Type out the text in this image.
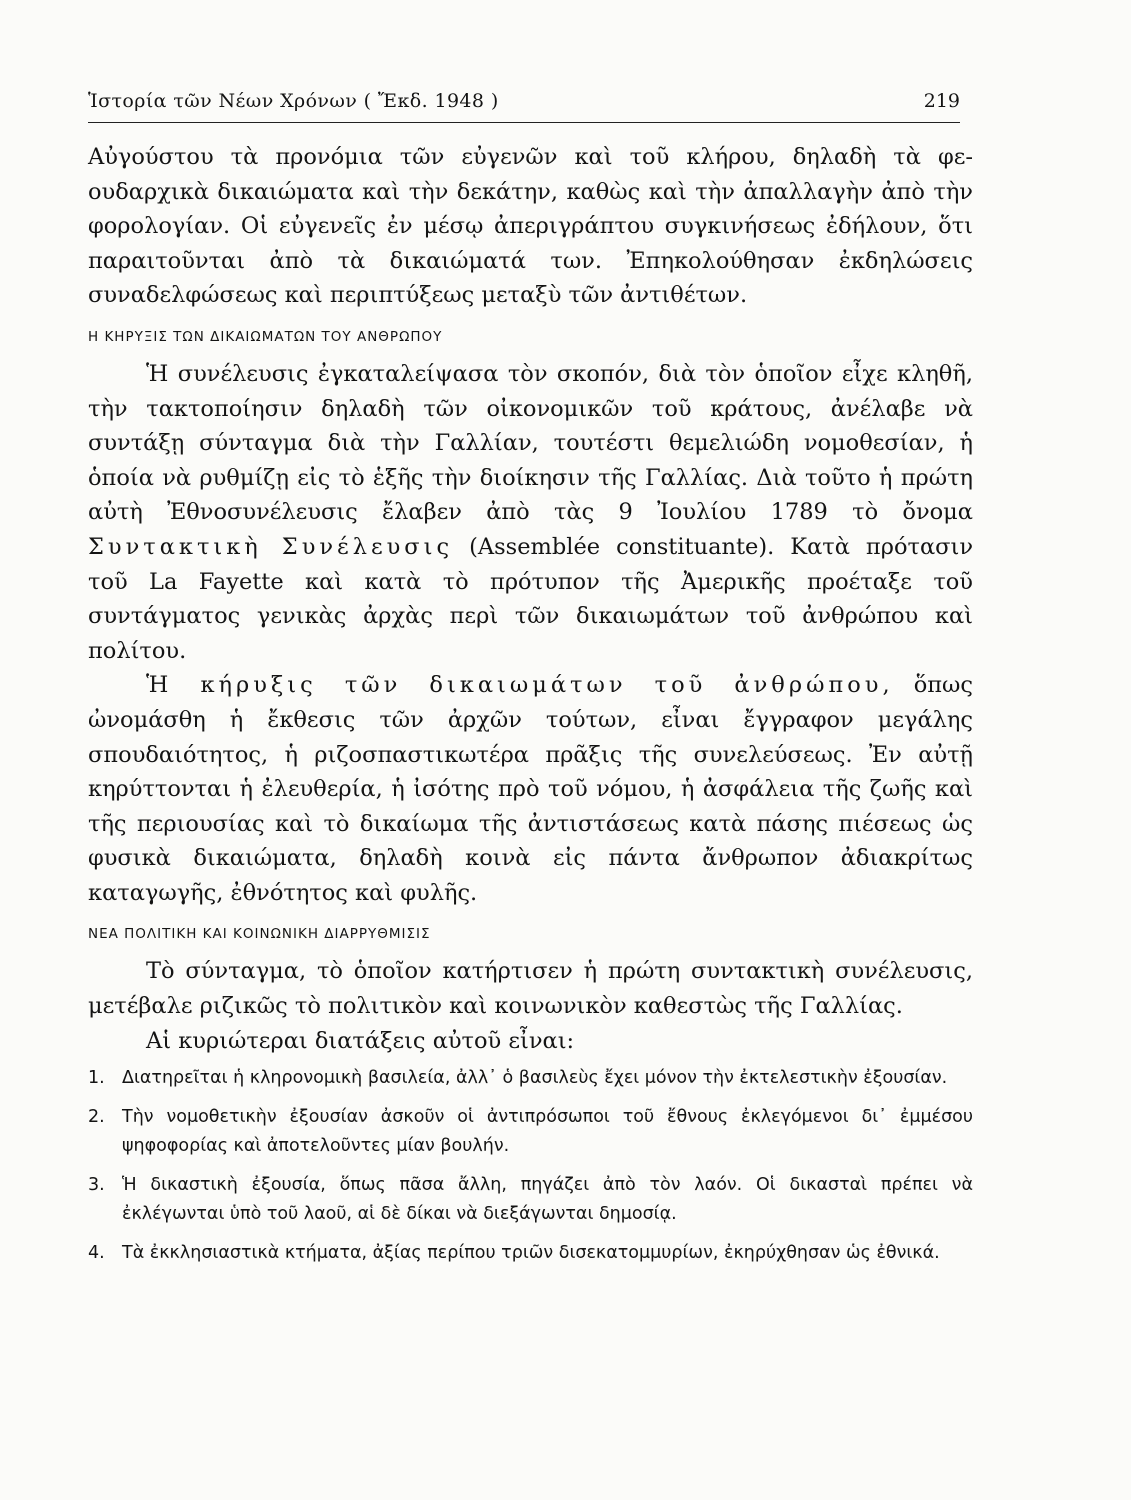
Ἱστορία τῶν Νέων Χρόνων ( Ἔκδ. 1948 )	219

Αὐγούστου τὰ προνόμια τῶν εὐγενῶν καὶ τοῦ κλήρου, δηλαδὴ τὰ φεουδαρχικὰ δικαιώματα καὶ τὴν δεκάτην, καθὼς καὶ τὴν ἀπαλλαγὴν ἀπὸ τὴν φορολογίαν. Οἱ εὐγενεῖς ἐν μέσῳ ἀπεριγράπτου συγκινήσεως ἐδήλουν, ὅτι παραιτοῦνται ἀπὸ τὰ δικαιώματά των. Ἐπηκολούθησαν ἐκδηλώσεις συναδελφώσεως καὶ περιπτύξεως μεταξὺ τῶν ἀντιθέτων.

Η ΚΗΡΥΞΙΣ ΤΩΝ ΔΙΚΑΙΩΜΑΤΩΝ ΤΟΥ ΑΝΘΡΩΠΟΥ

Ἡ συνέλευσις ἐγκαταλείψασα τὸν σκοπόν, διὰ τὸν ὁποῖον εἶχε κληθῆ, τὴν τακτοποίησιν δηλαδὴ τῶν οἰκονομικῶν τοῦ κράτους, ἀνέλαβε νὰ συντάξῃ σύνταγμα διὰ τὴν Γαλλίαν, τουτέστι θεμελιώδη νομοθεσίαν, ἡ ὁποία νὰ ρυθμίζῃ εἰς τὸ ἑξῆς τὴν διοίκησιν τῆς Γαλλίας. Διὰ τοῦτο ἡ πρώτη αὐτὴ Ἐθνοσυνέλευσις ἔλαβεν ἀπὸ τὰς 9 Ἰουλίου 1789 τὸ ὄνομα Συντακτικὴ Συνέλευσις (Assemblée constituante). Κατὰ πρότασιν τοῦ La Fayette καὶ κατὰ τὸ πρότυπον τῆς Ἀμερικῆς προέταξε τοῦ συντάγματος γενικὰς ἀρχὰς περὶ τῶν δικαιωμάτων τοῦ ἀνθρώπου καὶ πολίτου.

Ἡ κήρυξις τῶν δικαιωμάτων τοῦ ἀνθρώπου, ὅπως ὠνομάσθη ἡ ἔκθεσις τῶν ἀρχῶν τούτων, εἶναι ἔγγραφον μεγάλης σπουδαιότητος, ἡ ριζοσπαστικωτέρα πρᾶξις τῆς συνελεύσεως. Ἐν αὐτῇ κηρύττονται ἡ ἐλευθερία, ἡ ἰσότης πρὸ τοῦ νόμου, ἡ ἀσφάλεια τῆς ζωῆς καὶ τῆς περιουσίας καὶ τὸ δικαίωμα τῆς ἀντιστάσεως κατὰ πάσης πιέσεως ὡς φυσικὰ δικαιώματα, δηλαδὴ κοινὰ εἰς πάντα ἄνθρωπον ἀδιακρίτως καταγωγῆς, ἐθνότητος καὶ φυλῆς.

ΝΕΑ ΠΟΛΙΤΙΚΗ ΚΑΙ ΚΟΙΝΩΝΙΚΗ ΔΙΑΡΡΥΘΜΙΣΙΣ

Τὸ σύνταγμα, τὸ ὁποῖον κατήρτισεν ἡ πρώτη συντακτικὴ συνέλευσις, μετέβαλε ριζικῶς τὸ πολιτικὸν καὶ κοινωνικὸν καθεστὼς τῆς Γαλλίας.

Αἱ κυριώτεραι διατάξεις αὐτοῦ εἶναι:

1. Διατηρεῖται ἡ κληρονομικὴ βασιλεία, ἀλλ᾽ ὁ βασιλεὺς ἔχει μόνον τὴν ἐκτελεστικὴν ἐξουσίαν.
2. Τὴν νομοθετικὴν ἐξουσίαν ἀσκοῦν οἱ ἀντιπρόσωποι τοῦ ἔθνους ἐκλεγόμενοι δι᾽ ἐμμέσου ψηφοφορίας καὶ ἀποτελοῦντες μίαν βουλήν.
3. Ἡ δικαστικὴ ἐξουσία, ὅπως πᾶσα ἄλλη, πηγάζει ἀπὸ τὸν λαόν. Οἱ δικασταὶ πρέπει νὰ ἐκλέγωνται ὑπὸ τοῦ λαοῦ, αἱ δὲ δίκαι νὰ διεξάγωνται δημοσίᾳ.
4. Τὰ ἐκκλησιαστικὰ κτήματα, ἀξίας περίπου τριῶν δισεκατομμυρίων, ἐκηρύχθησαν ὡς ἐθνικά.
